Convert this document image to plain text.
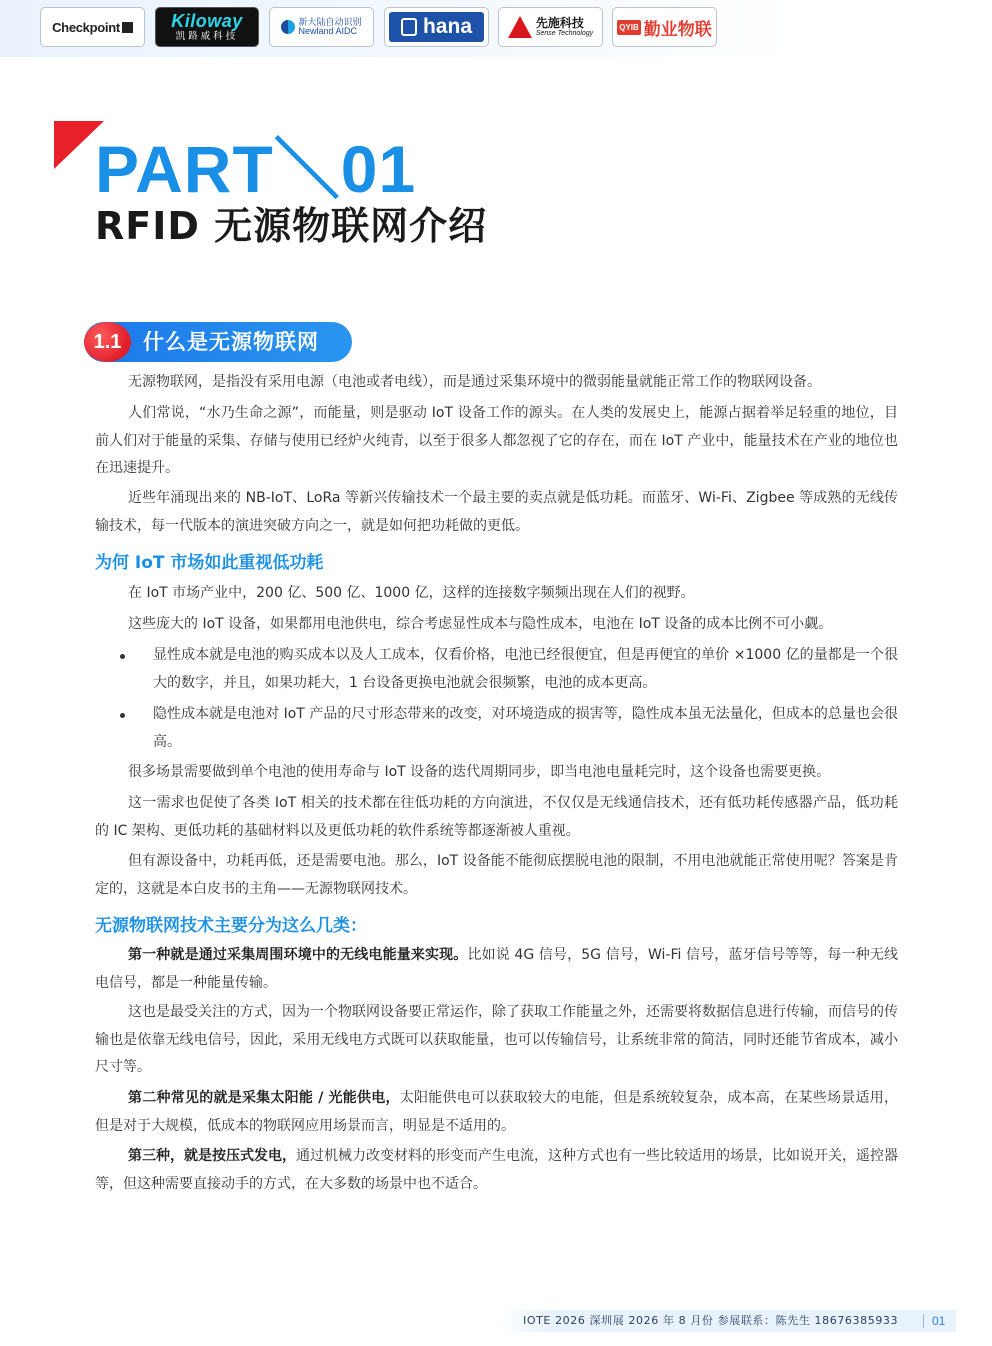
Checkpoint	Kiloway
凯路威科技
新大陆自动识别
Newland AIDC	hana	先施科技
Sense Technology
QYIB 勤业物联
PART＼01
RFID 无源物联网介绍
1.1	什么是无源物联网

无源物联网，是指没有采用电源（电池或者电线），而是通过采集环境中的微弱能量就能正常工作的物联网设备。

人们常说，“水乃生命之源”，而能量，则是驱动 IoT 设备工作的源头。在人类的发展史上，能源占据着举足轻重的地位，目前人们对于能量的采集、存储与使用已经炉火纯青，以至于很多人都忽视了它的存在，而在 IoT 产业中，能量技术在产业的地位也在迅速提升。

近些年涌现出来的 NB-IoT、LoRa 等新兴传输技术一个最主要的卖点就是低功耗。而蓝牙、Wi-Fi、Zigbee 等成熟的无线传输技术，每一代版本的演进突破方向之一，就是如何把功耗做的更低。

为何 IoT 市场如此重视低功耗

在 IoT 市场产业中，200 亿、500 亿、1000 亿，这样的连接数字频频出现在人们的视野。

这些庞大的 IoT 设备，如果都用电池供电，综合考虑显性成本与隐性成本，电池在 IoT 设备的成本比例不可小觑。

显性成本就是电池的购买成本以及人工成本，仅看价格，电池已经很便宜，但是再便宜的单价 ×1000 亿的量都是一个很大的数字，并且，如果功耗大，1 台设备更换电池就会很频繁，电池的成本更高。
隐性成本就是电池对 IoT 产品的尺寸形态带来的改变，对环境造成的损害等，隐性成本虽无法量化，但成本的总量也会很高。

很多场景需要做到单个电池的使用寿命与 IoT 设备的迭代周期同步，即当电池电量耗完时，这个设备也需要更换。

这一需求也促使了各类 IoT 相关的技术都在往低功耗的方向演进，不仅仅是无线通信技术，还有低功耗传感器产品，低功耗的 IC 架构、更低功耗的基础材料以及更低功耗的软件系统等都逐渐被人重视。

但有源设备中，功耗再低，还是需要电池。那么，IoT 设备能不能彻底摆脱电池的限制，不用电池就能正常使用呢？答案是肯定的，这就是本白皮书的主角——无源物联网技术。

无源物联网技术主要分为这么几类：

第一种就是通过采集周围环境中的无线电能量来实现。比如说 4G 信号，5G 信号，Wi-Fi 信号，蓝牙信号等等，每一种无线电信号，都是一种能量传输。

这也是最受关注的方式，因为一个物联网设备要正常运作，除了获取工作能量之外，还需要将数据信息进行传输，而信号的传输也是依靠无线电信号，因此，采用无线电方式既可以获取能量，也可以传输信号，让系统非常的简洁，同时还能节省成本，减小尺寸等。

第二种常见的就是采集太阳能 / 光能供电，太阳能供电可以获取较大的电能，但是系统较复杂，成本高，在某些场景适用，但是对于大规模，低成本的物联网应用场景而言，明显是不适用的。

第三种，就是按压式发电，通过机械力改变材料的形变而产生电流，这种方式也有一些比较适用的场景，比如说开关，遥控器等，但这种需要直接动手的方式，在大多数的场景中也不适合。

IOTE 2026 深圳展 2026 年 8 月份 参展联系：陈先生 18676385933	01
